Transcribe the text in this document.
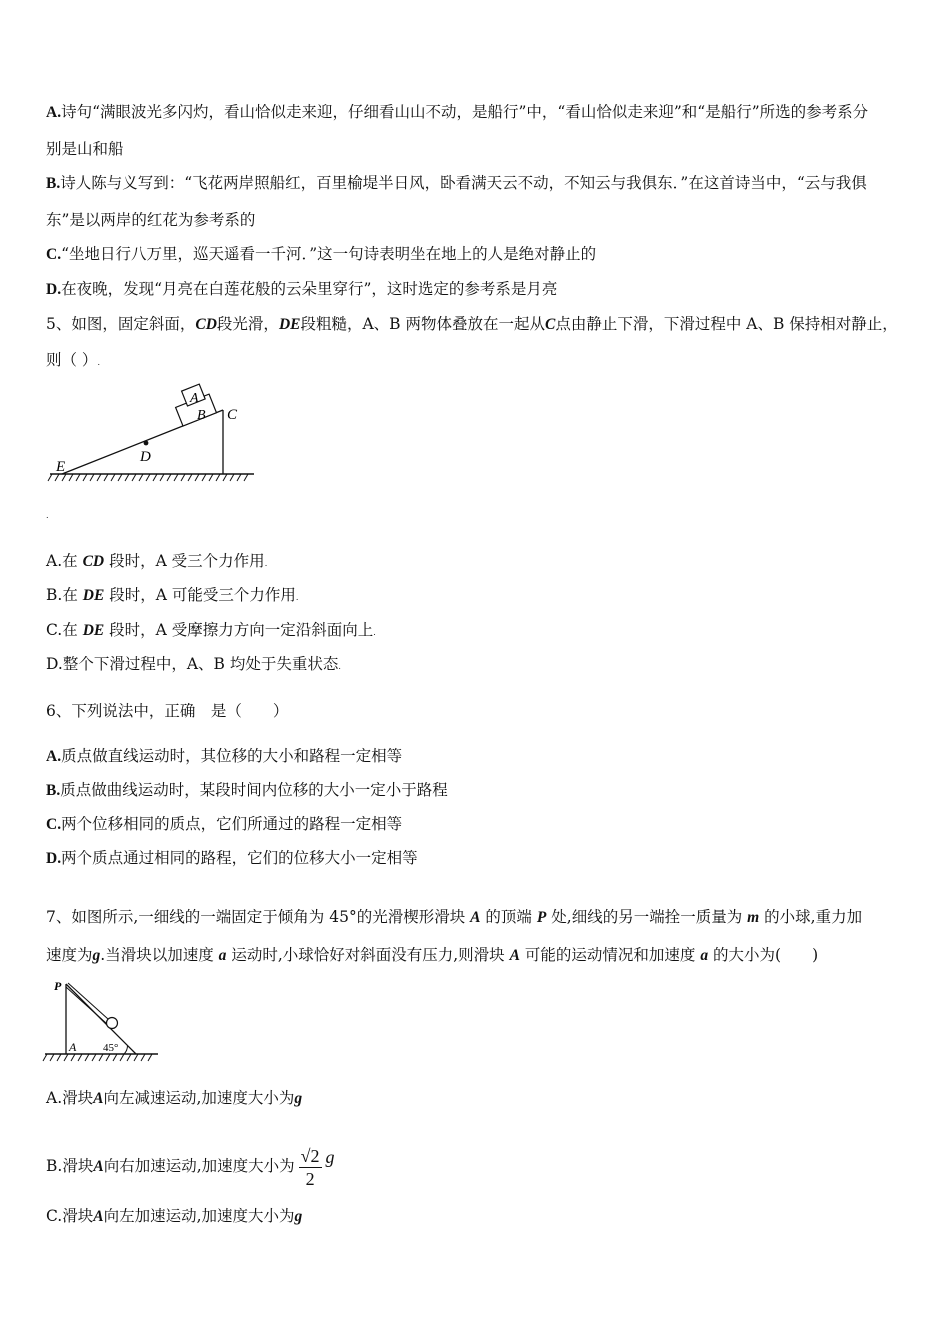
A.诗句“满眼波光多闪灼，看山恰似走来迎，仔细看山山不动，是船行”中，“看山恰似走来迎”和“是船行”所选的参考系分
别是山和船
B.诗人陈与义写到：“飞花两岸照船红，百里榆堤半日风，卧看满天云不动，不知云与我俱东．”在这首诗当中，“云与我俱
东”是以两岸的红花为参考系的
C.“坐地日行八万里，巡天遥看一千河．”这一句诗表明坐在地上的人是绝对静止的
D.在夜晚，发现“月亮在白莲花般的云朵里穿行”，这时选定的参考系是月亮
5、如图，固定斜面，CD段光滑，DE段粗糙，A、B 两物体叠放在一起从C点由静止下滑，下滑过程中 A、B 保持相对静止，
则（ ）.
A
B C
D
E
.
A.在 CD 段时，A 受三个力作用.
B.在 DE 段时，A 可能受三个力作用.
C.在 DE 段时，A 受摩擦力方向一定沿斜面向上.
D.整个下滑过程中，A、B 均处于失重状态.
6、下列说法中，正确　是（　　）
A.质点做直线运动时，其位移的大小和路程一定相等
B.质点做曲线运动时，某段时间内位移的大小一定小于路程
C.两个位移相同的质点，它们所通过的路程一定相等
D.两个质点通过相同的路程，它们的位移大小一定相等
7、如图所示,一细线的一端固定于倾角为 45°的光滑楔形滑块 A 的顶端 P 处,细线的另一端拴一质量为 m 的小球,重力加
速度为g.当滑块以加速度 a 运动时,小球恰好对斜面没有压力,则滑块 A 可能的运动情况和加速度 a 的大小为(　　)
P
A 45°
A.滑块A向左减速运动,加速度大小为g
B.滑块A向右加速运动,加速度大小为 $\frac{√2}{2}$ g
C.滑块A向左加速运动,加速度大小为g
